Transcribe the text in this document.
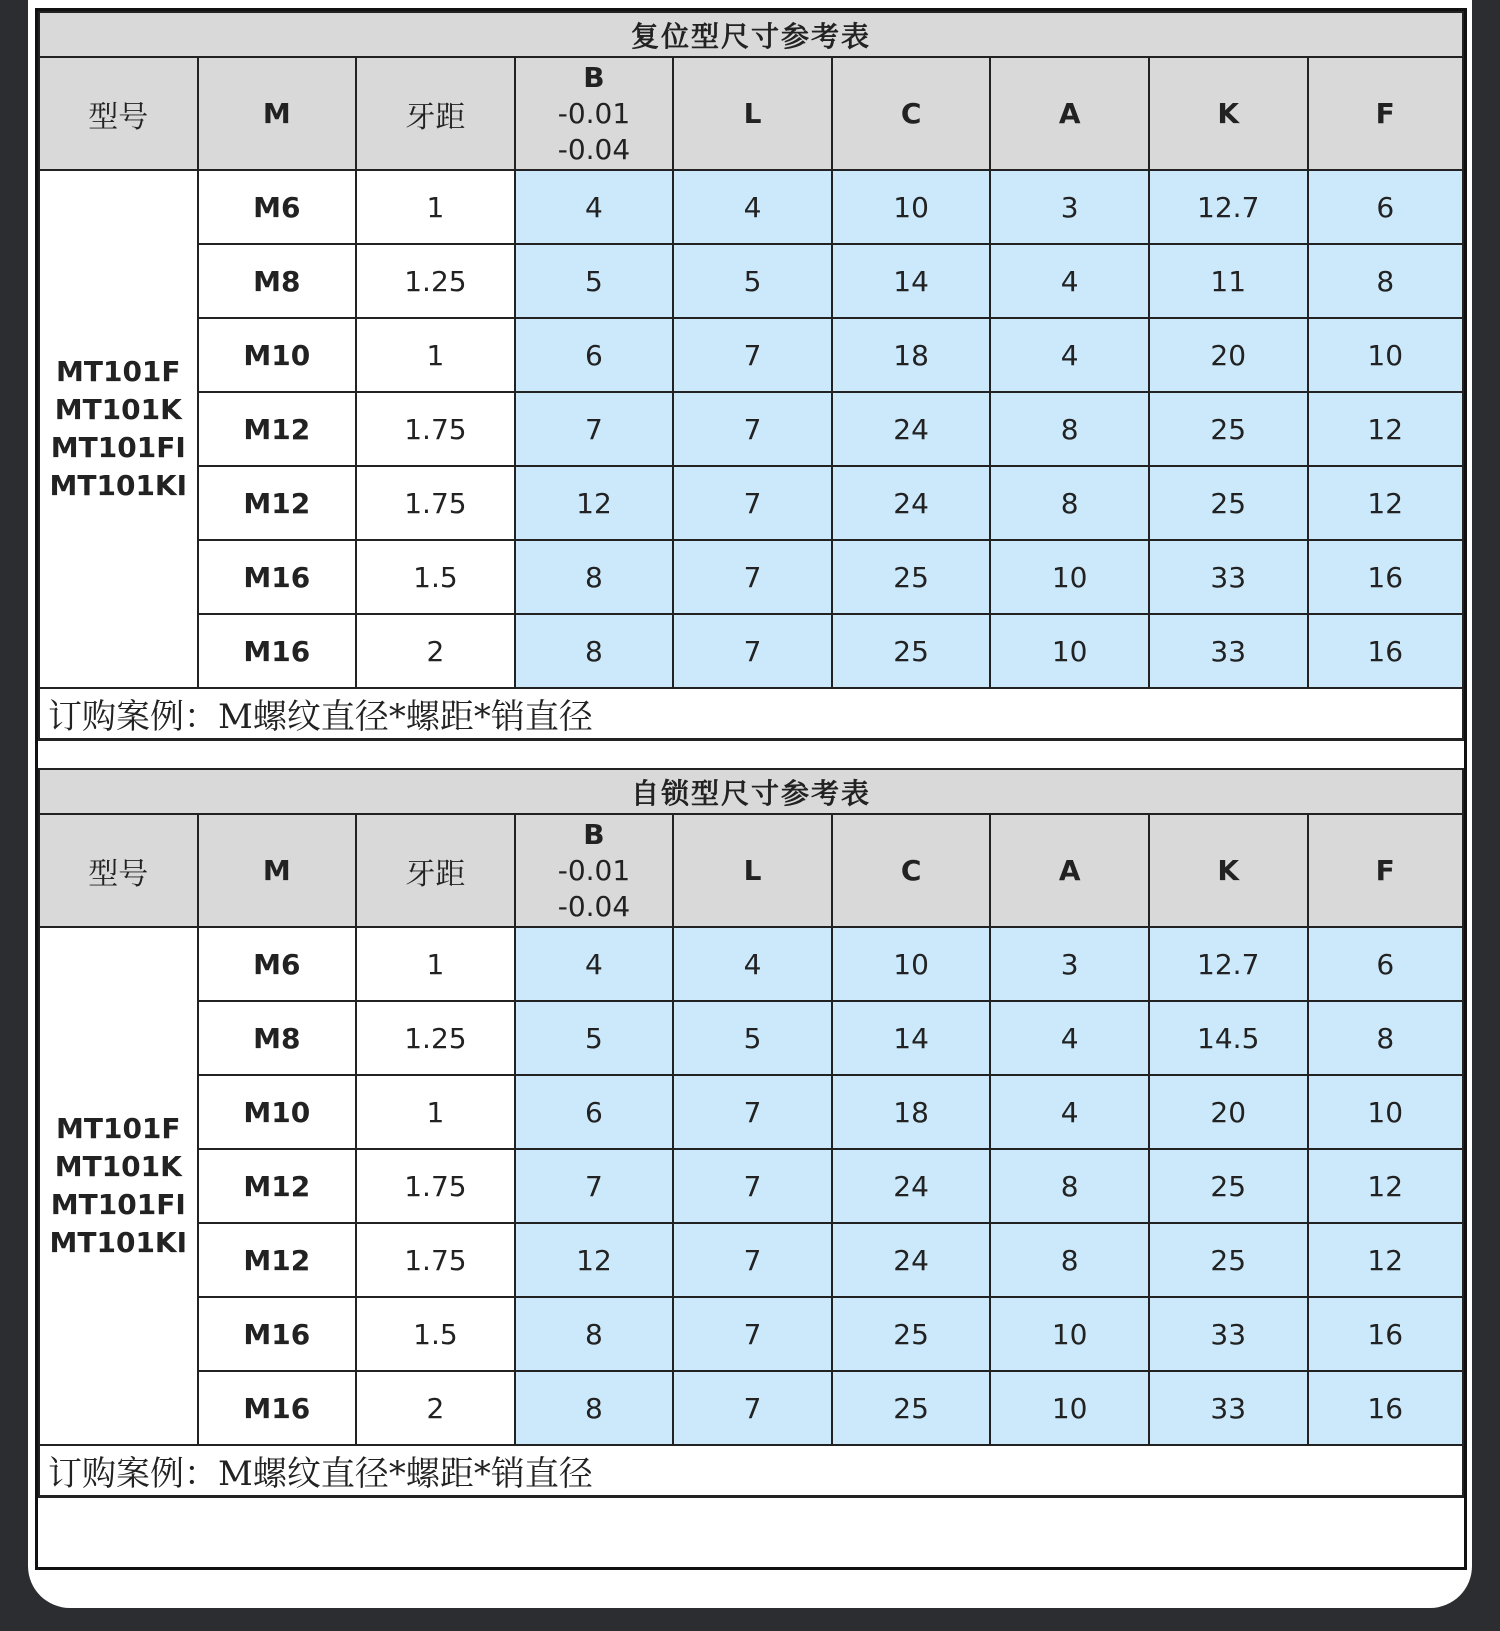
复位型尺寸参考表								
型号	M	牙距	B
-0.01
-0.04	L	C	A	K	F

MT101F
MT101K
MT101FI
MT101KI	M6	1	4	4	10	3	12.7	6
	M8	1.25	5	5	14	4	11	8
	M10	1	6	7	18	4	20	10
	M12	1.75	7	7	24	8	25	12
	M12	1.75	12	7	24	8	25	12
	M16	1.5	8	7	25	10	33	16
	M16	2	8	7	25	10	33	16
订购案例：M螺纹直径*螺距*销直径								
自锁型尺寸参考表								
型号	M	牙距	B
-0.01
-0.04	L	C	A	K	F

MT101F
MT101K
MT101FI
MT101KI	M6	1	4	4	10	3	12.7	6
	M8	1.25	5	5	14	4	14.5	8
	M10	1	6	7	18	4	20	10
	M12	1.75	7	7	24	8	25	12
	M12	1.75	12	7	24	8	25	12
	M16	1.5	8	7	25	10	33	16
	M16	2	8	7	25	10	33	16
订购案例：M螺纹直径*螺距*销直径								
